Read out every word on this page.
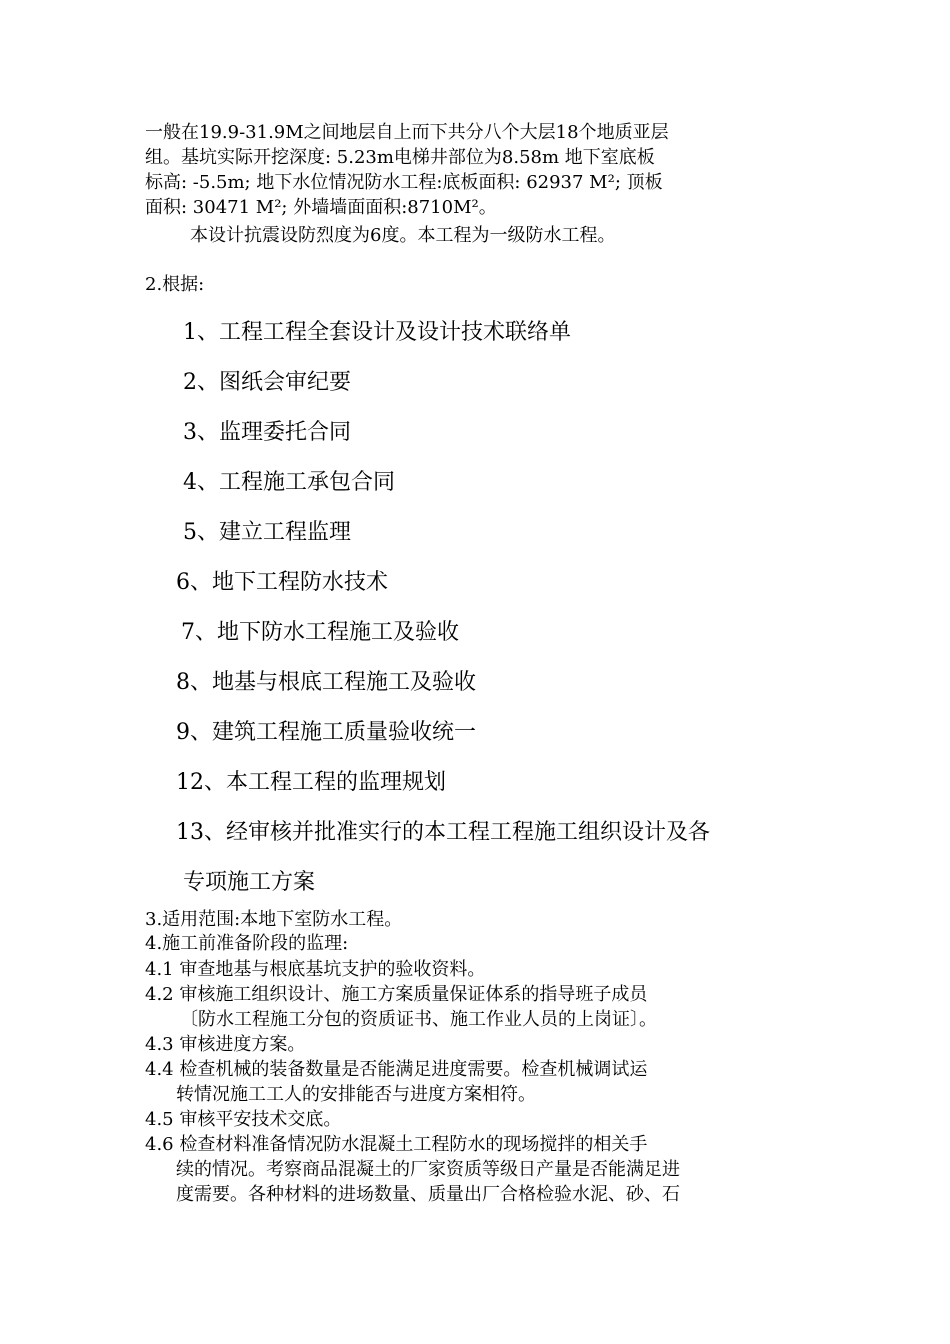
一般在19.9-31.9M之间地层自上而下共分八个大层18个地质亚层

组。基坑实际开挖深度: 5.23m电梯井部位为8.58m 地下室底板

标高: -5.5m; 地下水位情况防水工程:底板面积: 62937 M²; 顶板

面积: 30471 M²; 外墙墙面面积:8710M²。

本设计抗震设防烈度为6度。本工程为一级防水工程。

2.根据:

1、工程工程全套设计及设计技术联络单

2、图纸会审纪要

3、监理委托合同

4、工程施工承包合同

5、建立工程监理

6、地下工程防水技术

7、地下防水工程施工及验收

8、地基与根底工程施工及验收

9、建筑工程施工质量验收统一

12、本工程工程的监理规划

13、经审核并批准实行的本工程工程施工组织设计及各

专项施工方案

3.适用范围:本地下室防水工程。

4.施工前准备阶段的监理:

4.1 审查地基与根底基坑支护的验收资料。

4.2 审核施工组织设计、施工方案质量保证体系的指导班子成员

〔防水工程施工分包的资质证书、施工作业人员的上岗证〕。

4.3 审核进度方案。

4.4 检查机械的装备数量是否能满足进度需要。检查机械调试运

转情况施工工人的安排能否与进度方案相符。

4.5 审核平安技术交底。

4.6 检查材料准备情况防水混凝土工程防水的现场搅拌的相关手

续的情况。考察商品混凝土的厂家资质等级日产量是否能满足进

度需要。各种材料的进场数量、质量出厂合格检验水泥、砂、石
